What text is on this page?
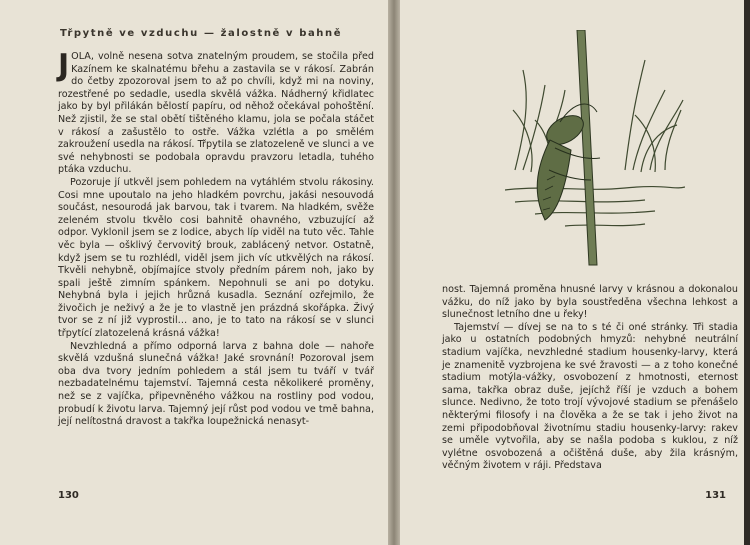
Třpytně ve vzduchu — žalostně v bahně

JOLA, volně nesena sotva znatelným proudem, se stočila před Kazínem ke skalnatému břehu a zastavila se v rákosí. Zabrán do četby zpozoroval jsem to až po chvíli, když mi na noviny, rozestřené po sedadle, usedla skvělá vážka. Nádherný křidlatec jako by byl přilákán bělostí papíru, od něhož očekával pohoštění. Než zjistil, že se stal obětí tištěného klamu, jola se počala stáčet v rákosí a zašustělo to ostře. Vážka vzlétla a po smělém zakroužení usedla na rákosí. Třpytila se zlatozeleně ve slunci a ve své nehybnosti se podobala opravdu pravzoru letadla, tuhého ptáka vzduchu.

Pozoruje jí utkvěl jsem pohledem na vytáhlém stvolu rákosiny. Cosi mne upoutalo na jeho hladkém povrchu, jakási nesouvodá součást, nesourodá jak barvou, tak i tvarem. Na hladkém, svěže zeleném stvolu tkvělo cosi bahnitě ohavného, vzbuzující až odpor. Vyklonil jsem se z lodice, abych líp viděl na tuto věc. Tahle věc byla — ošklivý červovitý brouk, zablácený netvor. Ostatně, když jsem se tu rozhlédl, viděl jsem jich víc utkvělých na rákosí. Tkvěli nehybně, objímajíce stvoly předním párem noh, jako by spali ještě zimním spánkem. Nepohnuli se ani po dotyku. Nehybná byla i jejich hrůzná kusadla. Seznání ozřejmilo, že živočich je neživý a že je to vlastně jen prázdná skořápka. Živý tvor se z ní již vyprostil… ano, je to tato na rákosí se v slunci třpytící zlatozelená krásná vážka!

Nevzhledná a přímo odporná larva z bahna dole — nahoře skvělá vzdušná slunečná vážka! Jaké srovnání! Pozoroval jsem oba dva tvory jedním pohledem a stál jsem tu tváří v tvář nezbadatelnému tajemství. Tajemná cesta několikeré proměny, než se z vajíčka, připevněného vážkou na rostliny pod vodou, probudí k životu larva. Tajemný její růst pod vodou ve tmě bahna, její nelítostná dravost a takřka loupežnická nenasyt-

130

nost. Tajemná proměna hnusné larvy v krásnou a dokonalou vážku, do níž jako by byla soustředěna všechna lehkost a slunečnost letního dne u řeky!

Tajemství — dívej se na to s té či oné stránky. Tři stadia jako u ostatních podobných hmyzů: nehybné neutrální stadium vajíčka, nevzhledné stadium housenky-larvy, která je znamenitě vyzbrojena ke své žravosti — a z toho konečné stadium motýla-vážky, osvobození z hmotnosti, eternost sama, takřka obraz duše, jejíchž říší je vzduch a bohem slunce. Nedivno, že toto trojí vývojové stadium se přenášelo některými filosofy i na člověka a že se tak i jeho život na zemi připodobňoval životnímu stadiu housenky-larvy: rakev se uměle vytvořila, aby se našla podoba s kuklou, z níž vylétne osvobozená a očištěná duše, aby žila krásným, věčným životem v ráji. Představa

131
